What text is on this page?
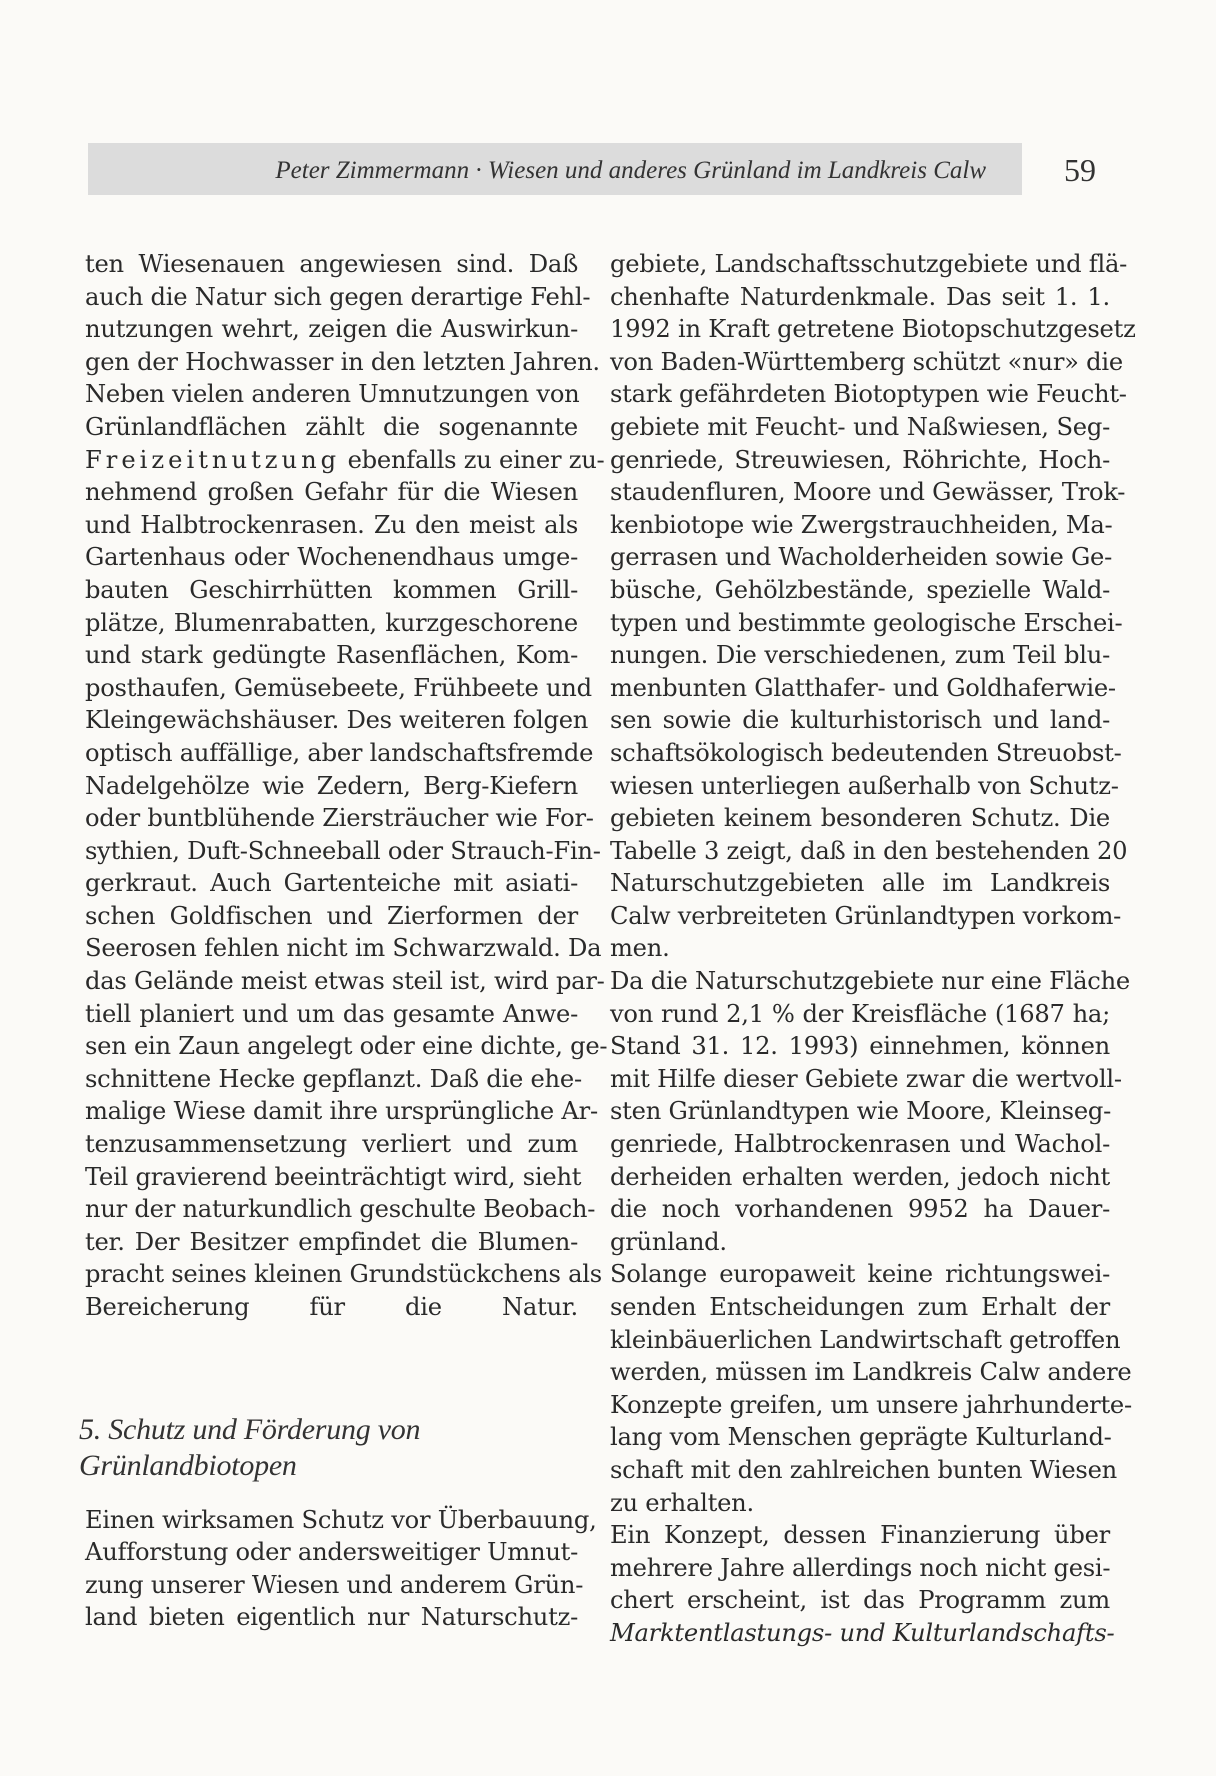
Peter Zimmermann · Wiesen und anderes Grünland im Landkreis Calw 59
ten Wiesenauen angewiesen sind. Daß
auch die Natur sich gegen derartige Fehl-
nutzungen wehrt, zeigen die Auswirkun-
gen der Hochwasser in den letzten Jahren.
Neben vielen anderen Umnutzungen von
Grünlandflächen zählt die sogenannte
Freizeitnutzung ebenfalls zu einer zu-
nehmend großen Gefahr für die Wiesen
und Halbtrockenrasen. Zu den meist als
Gartenhaus oder Wochenendhaus umge-
bauten Geschirrhütten kommen Grill-
plätze, Blumenrabatten, kurzgeschorene
und stark gedüngte Rasenflächen, Kom-
posthaufen, Gemüsebeete, Frühbeete und
Kleingewächshäuser. Des weiteren folgen
optisch auffällige, aber landschaftsfremde
Nadelgehölze wie Zedern, Berg-Kiefern
oder buntblühende Ziersträucher wie For-
sythien, Duft-Schneeball oder Strauch-Fin-
gerkraut. Auch Gartenteiche mit asiati-
schen Goldfischen und Zierformen der
Seerosen fehlen nicht im Schwarzwald. Da
das Gelände meist etwas steil ist, wird par-
tiell planiert und um das gesamte Anwe-
sen ein Zaun angelegt oder eine dichte, ge-
schnittene Hecke gepflanzt. Daß die ehe-
malige Wiese damit ihre ursprüngliche Ar-
tenzusammensetzung verliert und zum
Teil gravierend beeinträchtigt wird, sieht
nur der naturkundlich geschulte Beobach-
ter. Der Besitzer empfindet die Blumen-
pracht seines kleinen Grundstückchens als
Bereicherung für die Natur.
5. Schutz und Förderung von
Grünlandbiotopen
Einen wirksamen Schutz vor Überbauung,
Aufforstung oder andersweitiger Umnut-
zung unserer Wiesen und anderem Grün-
land bieten eigentlich nur Naturschutz-
gebiete, Landschaftsschutzgebiete und flä-
chenhafte Naturdenkmale. Das seit 1. 1.
1992 in Kraft getretene Biotopschutzgesetz
von Baden-Württemberg schützt «nur» die
stark gefährdeten Biotoptypen wie Feucht-
gebiete mit Feucht- und Naßwiesen, Seg-
genriede, Streuwiesen, Röhrichte, Hoch-
staudenfluren, Moore und Gewässer, Trok-
kenbiotope wie Zwergstrauchheiden, Ma-
gerrasen und Wacholderheiden sowie Ge-
büsche, Gehölzbestände, spezielle Wald-
typen und bestimmte geologische Erschei-
nungen. Die verschiedenen, zum Teil blu-
menbunten Glatthafer- und Goldhaferwie-
sen sowie die kulturhistorisch und land-
schaftsökologisch bedeutenden Streuobst-
wiesen unterliegen außerhalb von Schutz-
gebieten keinem besonderen Schutz. Die
Tabelle 3 zeigt, daß in den bestehenden 20
Naturschutzgebieten alle im Landkreis
Calw verbreiteten Grünlandtypen vorkom-
men.
Da die Naturschutzgebiete nur eine Fläche
von rund 2,1 % der Kreisfläche (1687 ha;
Stand 31. 12. 1993) einnehmen, können
mit Hilfe dieser Gebiete zwar die wertvoll-
sten Grünlandtypen wie Moore, Kleinseg-
genriede, Halbtrockenrasen und Wachol-
derheiden erhalten werden, jedoch nicht
die noch vorhandenen 9952 ha Dauer-
grünland.
Solange europaweit keine richtungswei-
senden Entscheidungen zum Erhalt der
kleinbäuerlichen Landwirtschaft getroffen
werden, müssen im Landkreis Calw andere
Konzepte greifen, um unsere jahrhunderte-
lang vom Menschen geprägte Kulturland-
schaft mit den zahlreichen bunten Wiesen
zu erhalten.
Ein Konzept, dessen Finanzierung über
mehrere Jahre allerdings noch nicht gesi-
chert erscheint, ist das Programm zum
Marktentlastungs- und Kulturlandschafts-
